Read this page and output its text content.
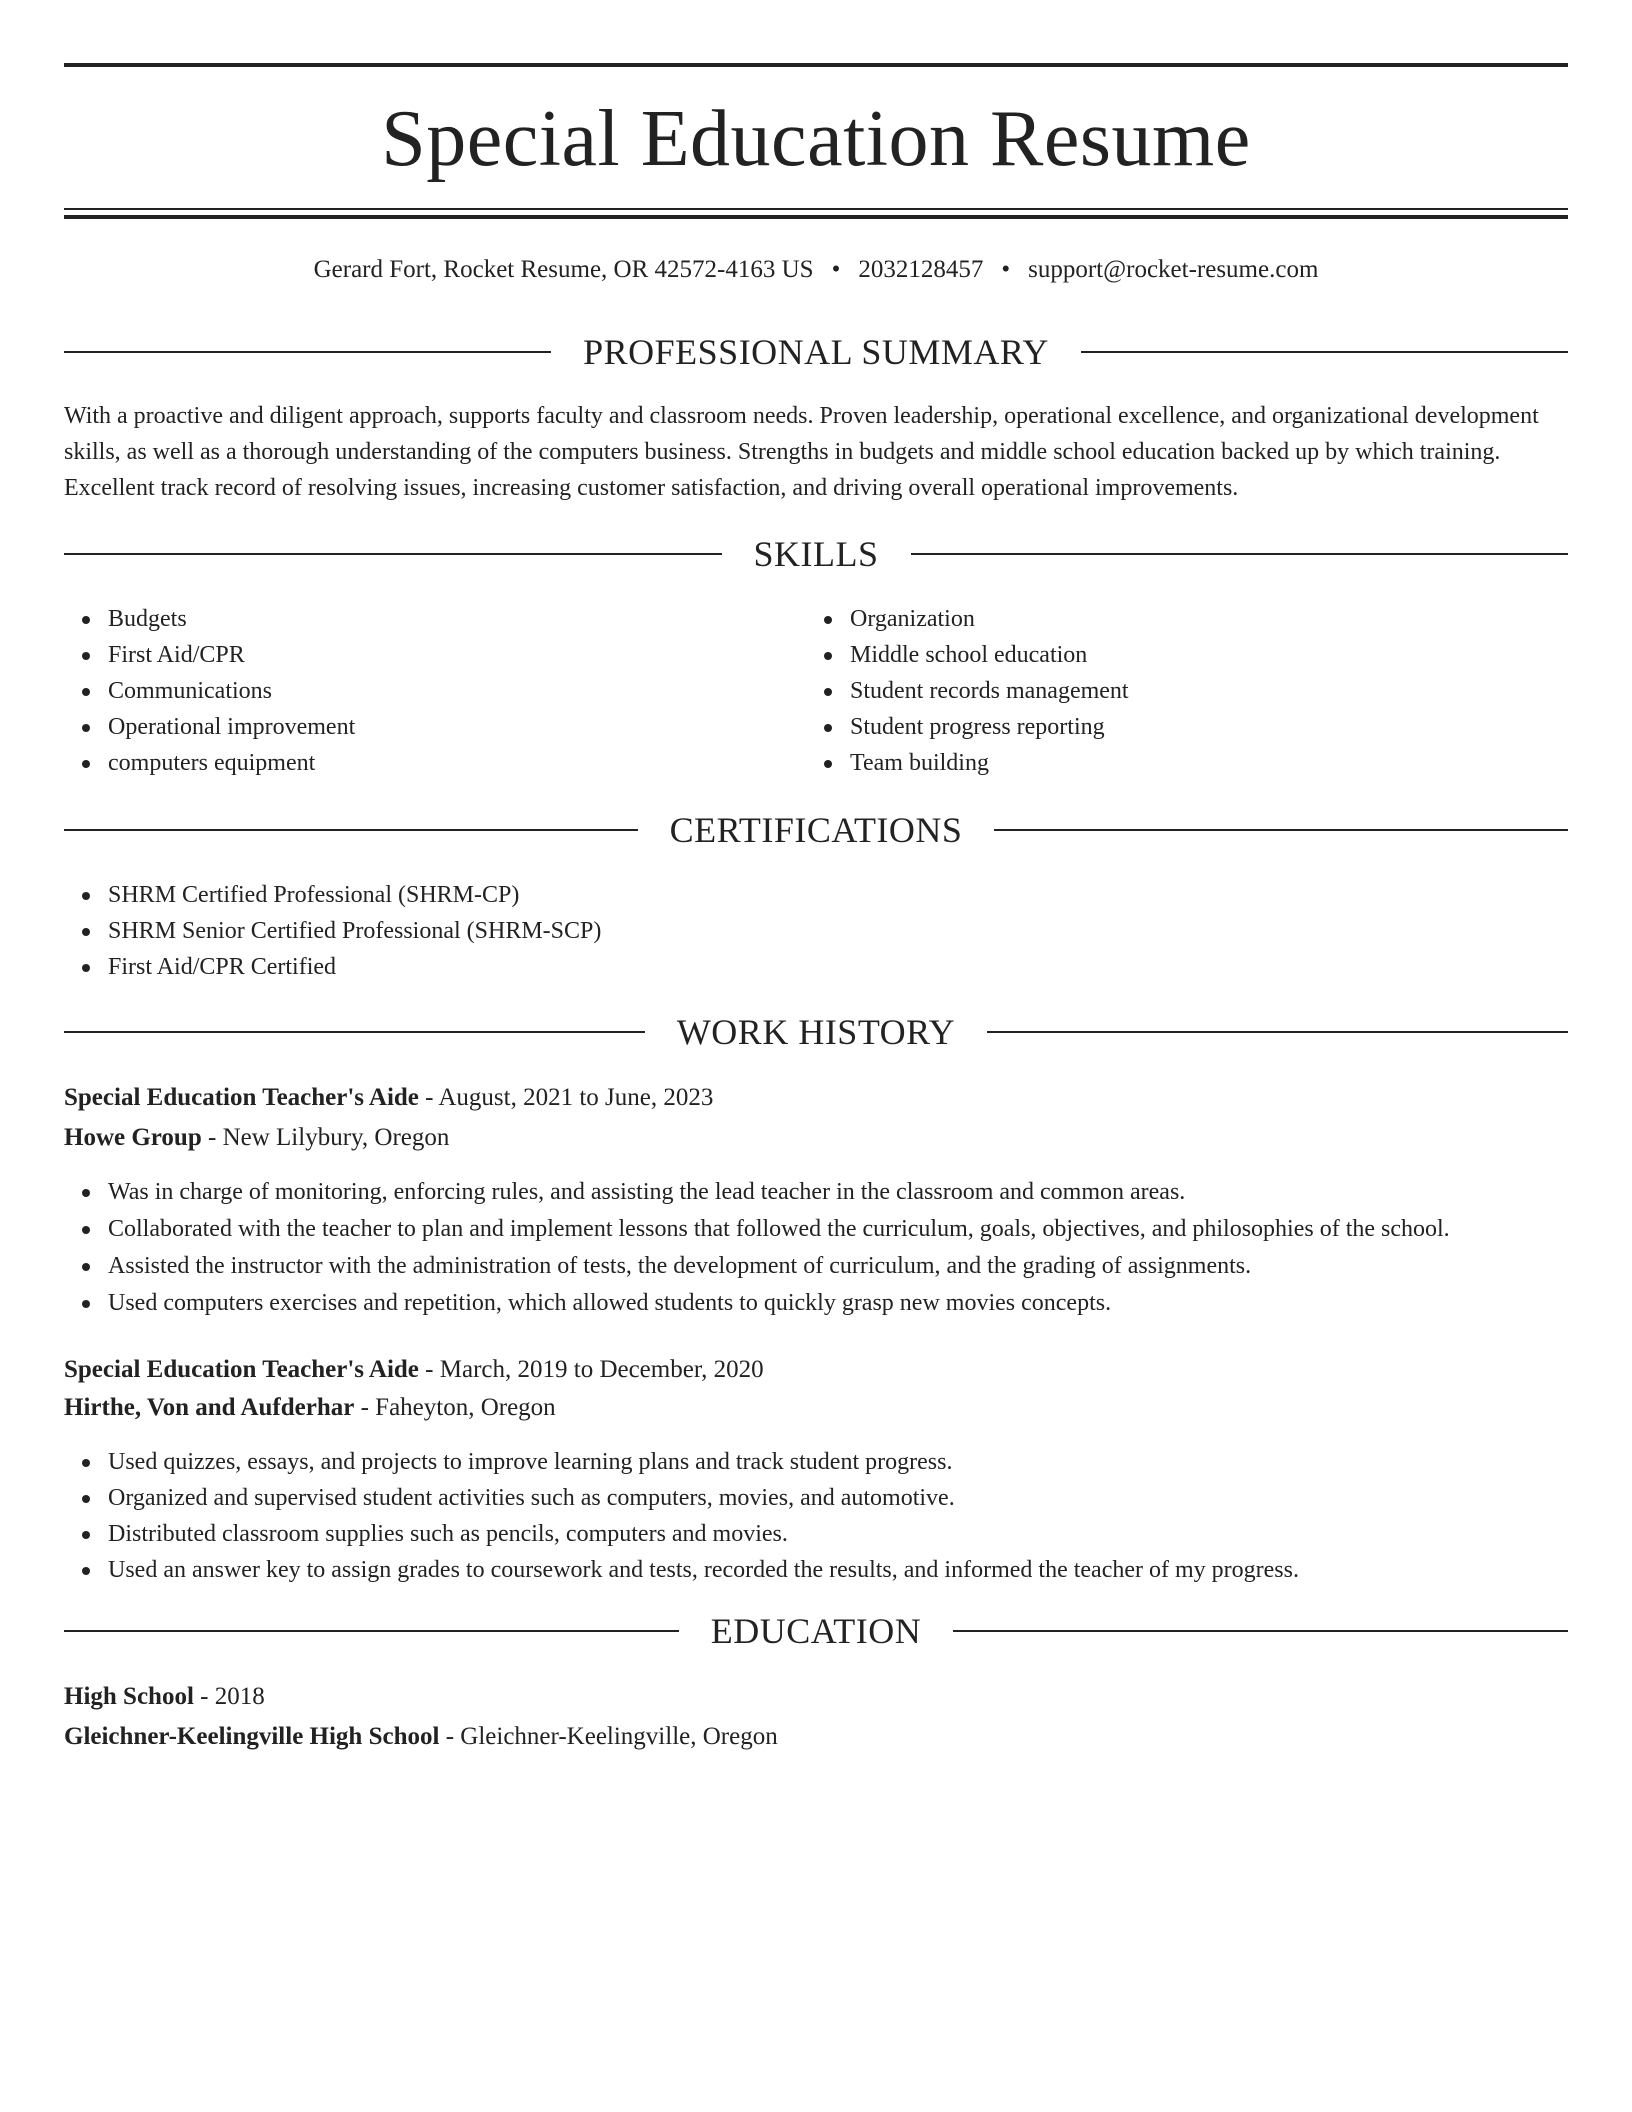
Special Education Resume
Gerard Fort, Rocket Resume, OR 42572-4163 US • 2032128457 • support@rocket-resume.com
PROFESSIONAL SUMMARY
With a proactive and diligent approach, supports faculty and classroom needs. Proven leadership, operational excellence, and organizational development skills, as well as a thorough understanding of the computers business. Strengths in budgets and middle school education backed up by which training. Excellent track record of resolving issues, increasing customer satisfaction, and driving overall operational improvements.
SKILLS
Budgets
First Aid/CPR
Communications
Operational improvement
computers equipment
Organization
Middle school education
Student records management
Student progress reporting
Team building
CERTIFICATIONS
SHRM Certified Professional (SHRM-CP)
SHRM Senior Certified Professional (SHRM-SCP)
First Aid/CPR Certified
WORK HISTORY
Special Education Teacher's Aide - August, 2021 to June, 2023
Howe Group - New Lilybury, Oregon
Was in charge of monitoring, enforcing rules, and assisting the lead teacher in the classroom and common areas.
Collaborated with the teacher to plan and implement lessons that followed the curriculum, goals, objectives, and philosophies of the school.
Assisted the instructor with the administration of tests, the development of curriculum, and the grading of assignments.
Used computers exercises and repetition, which allowed students to quickly grasp new movies concepts.
Special Education Teacher's Aide - March, 2019 to December, 2020
Hirthe, Von and Aufderhar - Faheyton, Oregon
Used quizzes, essays, and projects to improve learning plans and track student progress.
Organized and supervised student activities such as computers, movies, and automotive.
Distributed classroom supplies such as pencils, computers and movies.
Used an answer key to assign grades to coursework and tests, recorded the results, and informed the teacher of my progress.
EDUCATION
High School - 2018
Gleichner-Keelingville High School - Gleichner-Keelingville, Oregon
